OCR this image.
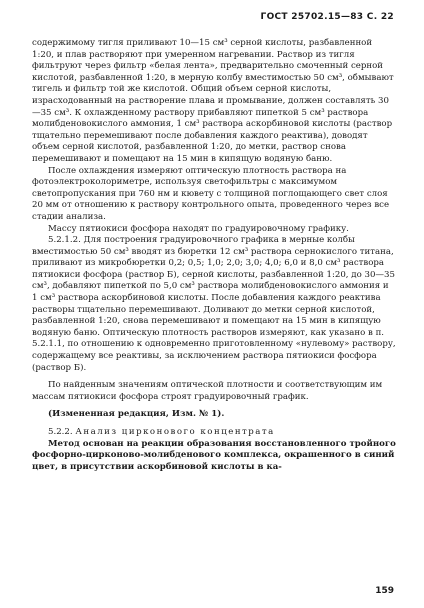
ГОСТ 25702.15—83 С. 22

содержимому тигля приливают 10—15 см³ серной кислоты, разбавленной 1:20, и плав растворяют при умеренном нагревании. Раствор из тигля фильтруют через фильтр «белая лента», предварительно смоченный серной кислотой, разбавленной 1:20, в мерную колбу вместимостью 50 см³, обмывают тигель и фильтр той же кислотой. Общий объем серной кислоты, израсходованный на растворение плава и промывание, должен составлять 30—35 см³. К охлажденному раствору прибавляют пипеткой 5 см³ раствора молибденовокислого аммония, 1 см³ раствора аскорбиновой кислоты (раствор тщательно перемешивают после добавления каждого реактива), доводят объем серной кислотой, разбавленной 1:20, до метки, раствор снова перемешивают и помещают на 15 мин в кипящую водяную баню.

После охлаждения измеряют оптическую плотность раствора на фотоэлектроколориметре, используя светофильтры с максимумом светопропускания при 760 нм и кювету с толщиной поглощающего свет слоя 20 мм от отношению к раствору контрольного опыта, проведенного через все стадии анализа.

Массу пятиокиси фосфора находят по градуировочному графику.

5.2.1.2. Для построения градуировочного графика в мерные колбы вместимостью 50 см³ вводят из бюретки 12 см³ раствора сернокислого титана, приливают из микробюретки 0,2; 0,5; 1,0; 2,0; 3,0; 4,0; 6,0 и 8,0 см³ раствора пятиокиси фосфора (раствор Б), серной кислоты, разбавленной 1:20, до 30—35 см³, добавляют пипеткой по 5,0 см³ раствора молибденовокислого аммония и 1 см³ раствора аскорбиновой кислоты. После добавления каждого реактива растворы тщательно перемешивают. Доливают до метки серной кислотой, разбавленной 1:20, снова перемешивают и помещают на 15 мин в кипящую водяную баню. Оптическую плотность растворов измеряют, как указано в п. 5.2.1.1, по отношению к одновременно приготовленному «нулевому» раствору, содержащему все реактивы, за исключением раствора пятиокиси фосфора (раствор Б).

По найденным значениям оптической плотности и соответствующим им массам пятиокиси фосфора строят градуировочный график.

(Измененная редакция, Изм. № 1).

5.2.2. Анализ цирконового концентрата

Метод основан на реакции образования восстановленного тройного фосфорно-цирконово-молибденового комплекса, окрашенного в синий цвет, в присутствии аскорбиновой кислоты в ка-

159
